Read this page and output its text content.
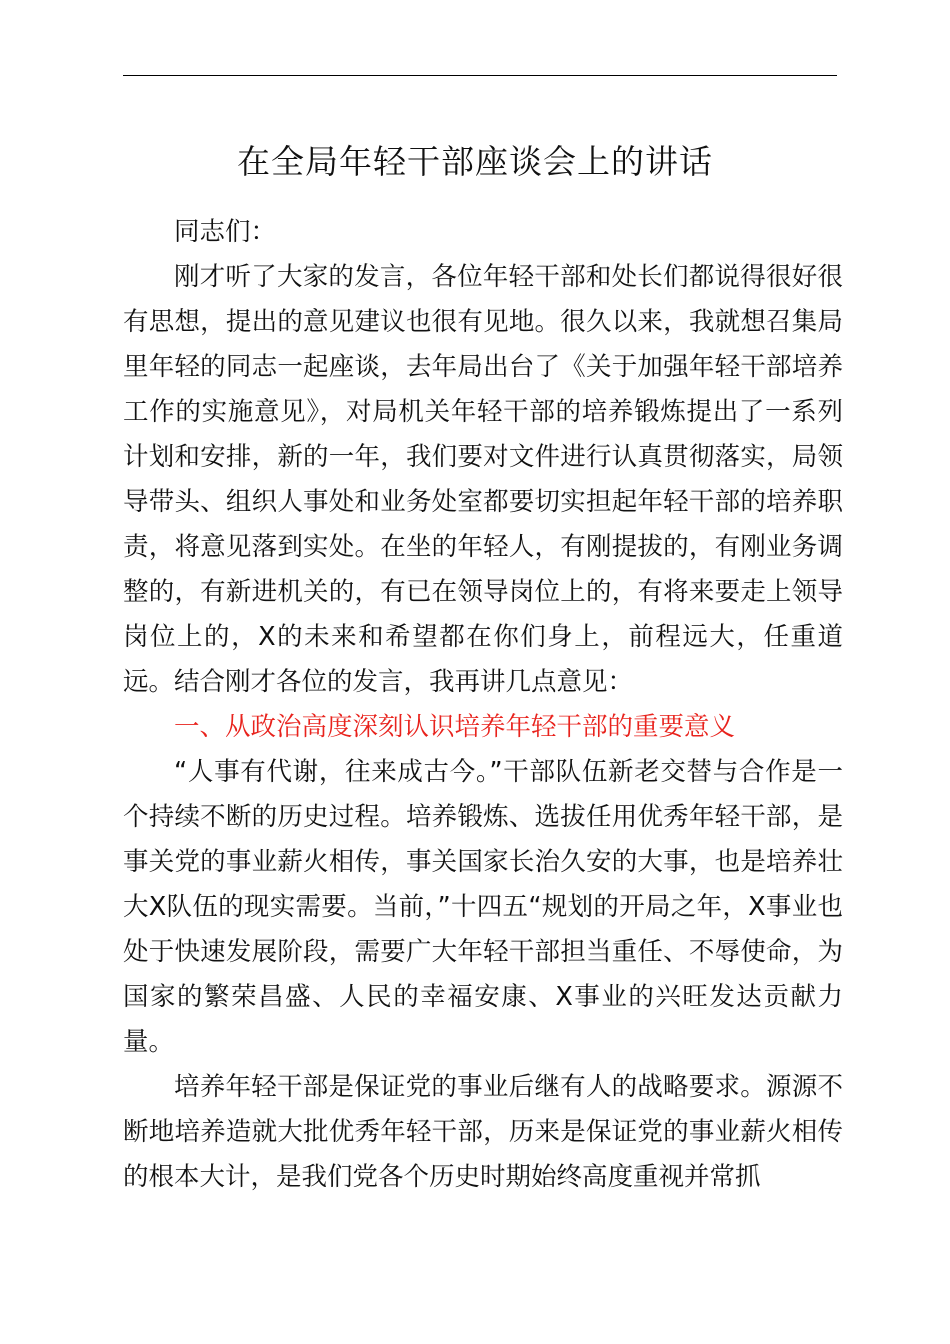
在全局年轻干部座谈会上的讲话

同志们：

刚才听了大家的发言，各位年轻干部和处长们都说得很好很有思想，提出的意见建议也很有见地。很久以来，我就想召集局里年轻的同志一起座谈，去年局出台了《关于加强年轻干部培养工作的实施意见》，对局机关年轻干部的培养锻炼提出了一系列计划和安排，新的一年，我们要对文件进行认真贯彻落实，局领导带头、组织人事处和业务处室都要切实担起年轻干部的培养职责，将意见落到实处。在坐的年轻人，有刚提拔的，有刚业务调整的，有新进机关的，有已在领导岗位上的，有将来要走上领导岗位上的，X的未来和希望都在你们身上，前程远大，任重道远。结合刚才各位的发言，我再讲几点意见：

一、从政治高度深刻认识培养年轻干部的重要意义

“人事有代谢，往来成古今。”干部队伍新老交替与合作是一个持续不断的历史过程。培养锻炼、选拔任用优秀年轻干部，是事关党的事业薪火相传，事关国家长治久安的大事，也是培养壮大X队伍的现实需要。当前，”十四五“规划的开局之年，X事业也处于快速发展阶段，需要广大年轻干部担当重任、不辱使命，为国家的繁荣昌盛、人民的幸福安康、X事业的兴旺发达贡献力量。

培养年轻干部是保证党的事业后继有人的战略要求。源源不断地培养造就大批优秀年轻干部，历来是保证党的事业薪火相传的根本大计，是我们党各个历史时期始终高度重视并常抓
